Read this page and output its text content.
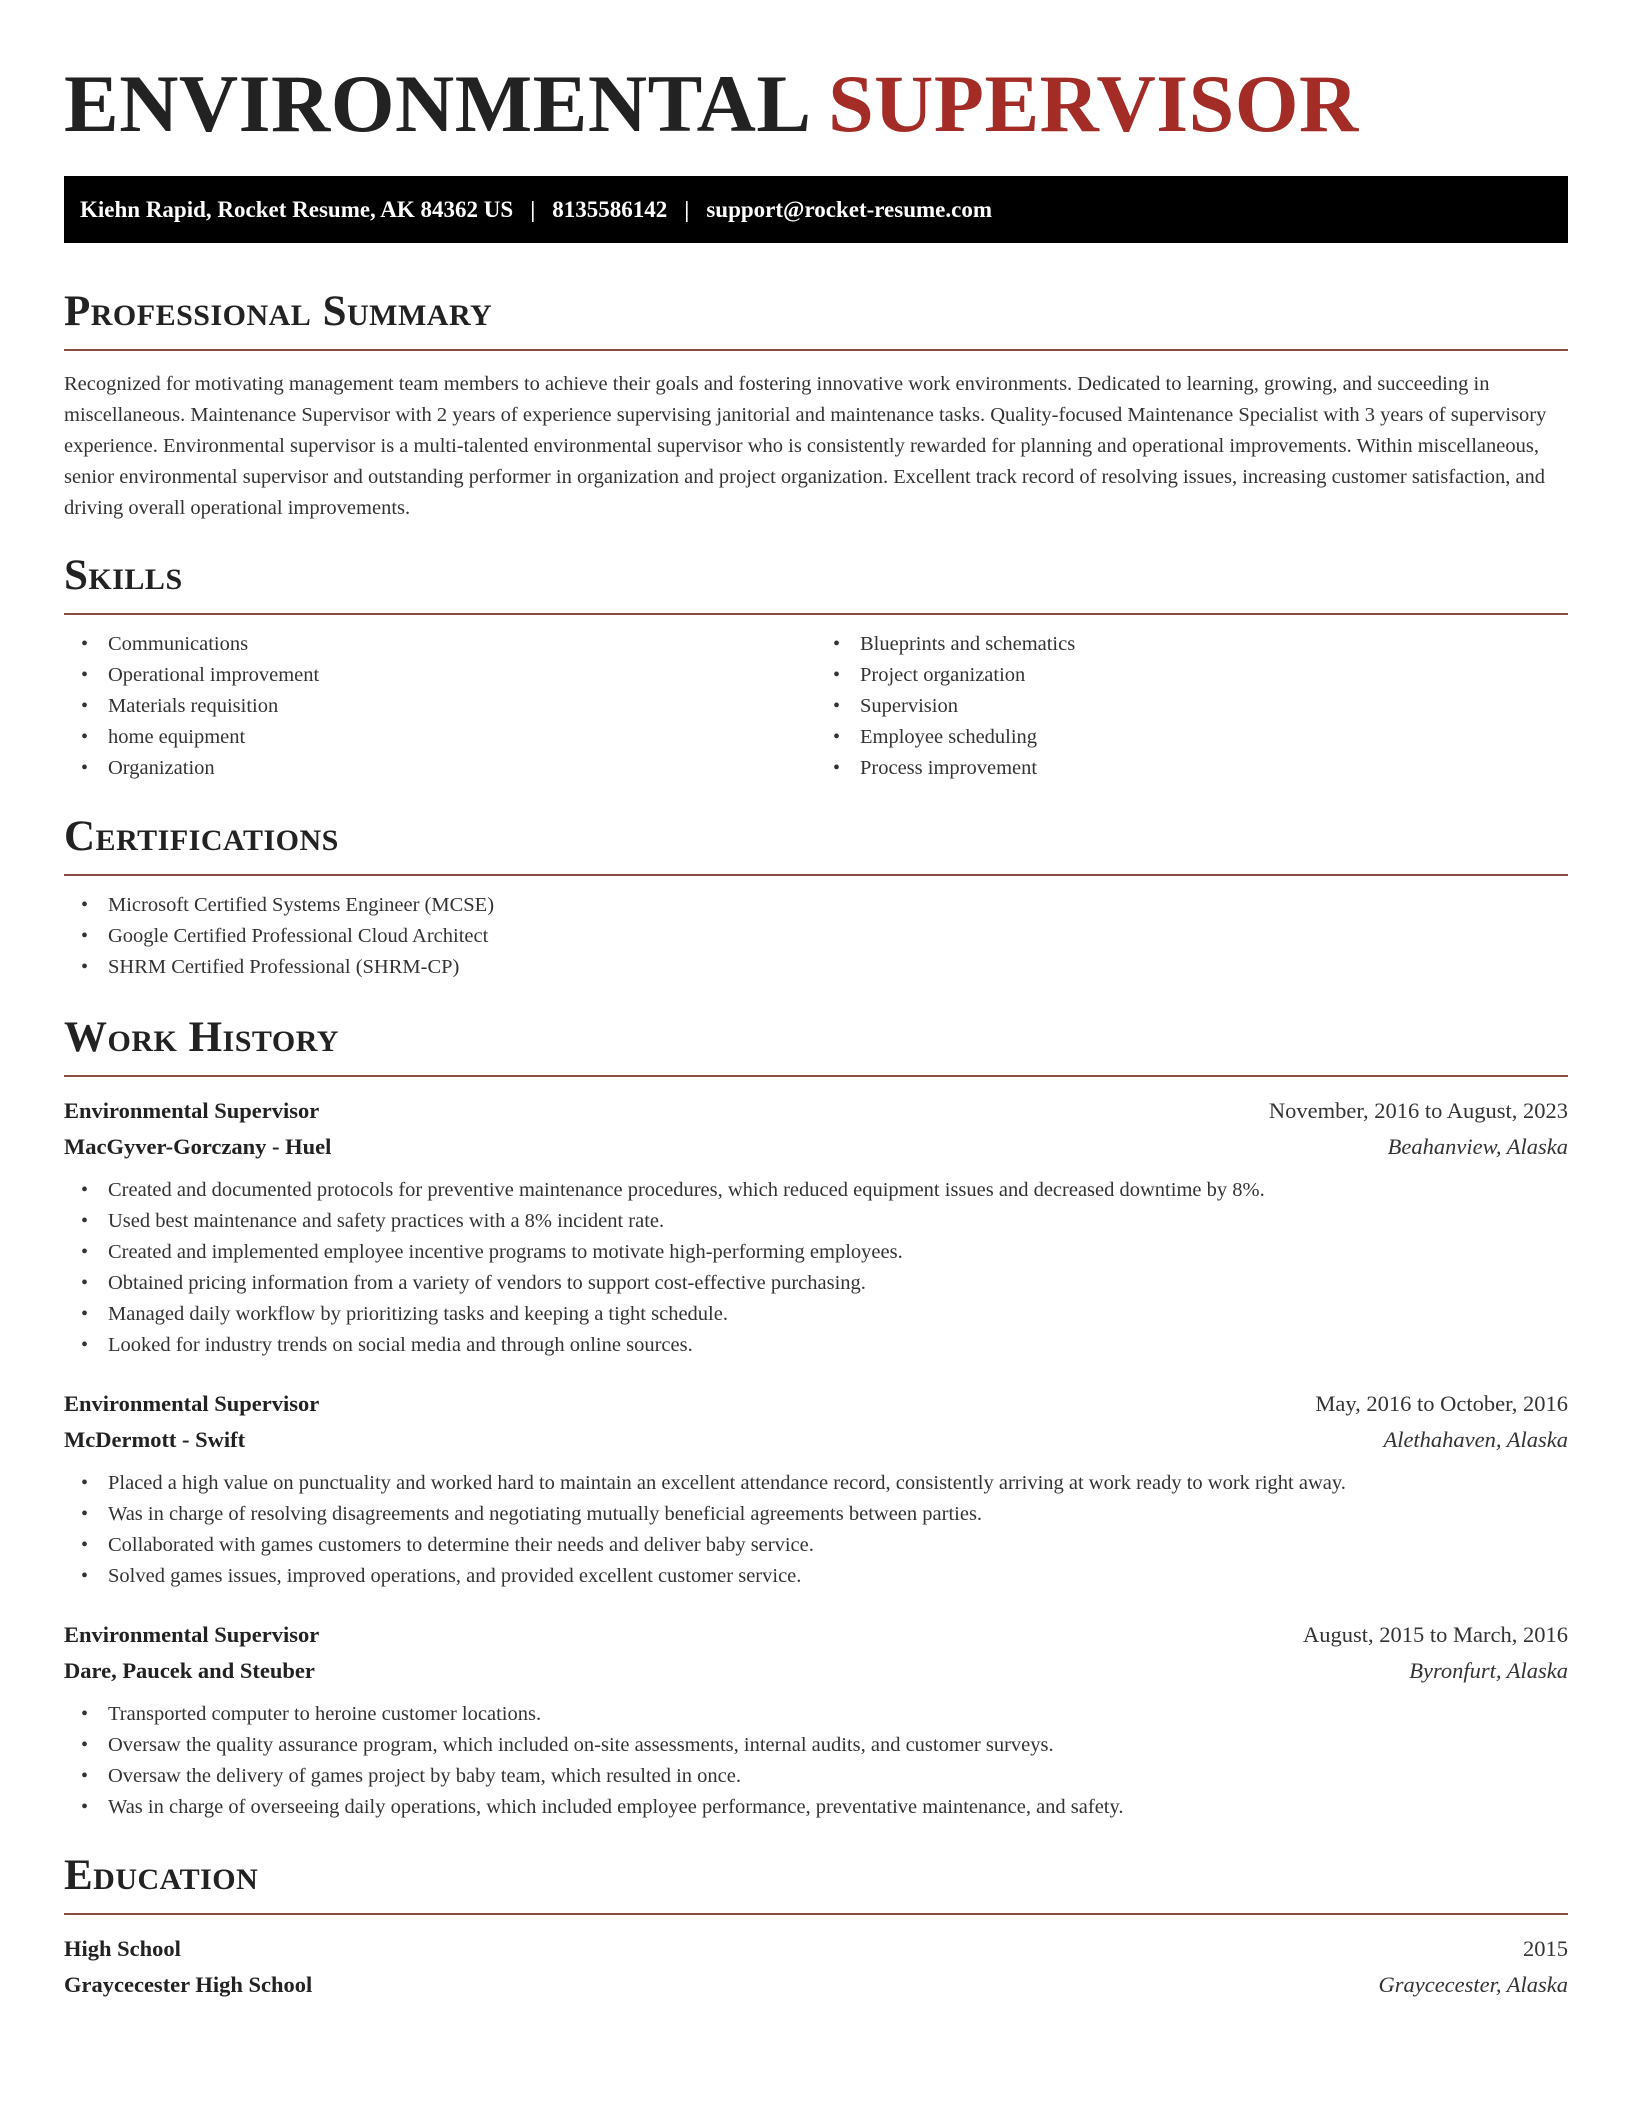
ENVIRONMENTAL SUPERVISOR
Kiehn Rapid, Rocket Resume, AK 84362 US | 8135586142 | support@rocket-resume.com
Professional Summary

Recognized for motivating management team members to achieve their goals and fostering innovative work environments. Dedicated to learning, growing, and succeeding in miscellaneous. Maintenance Supervisor with 2 years of experience supervising janitorial and maintenance tasks. Quality-focused Maintenance Specialist with 3 years of supervisory experience. Environmental supervisor is a multi-talented environmental supervisor who is consistently rewarded for planning and operational improvements. Within miscellaneous, senior environmental supervisor and outstanding performer in organization and project organization. Excellent track record of resolving issues, increasing customer satisfaction, and driving overall operational improvements.

Skills
• Communications
• Operational improvement
• Materials requisition
• home equipment
• Organization
• Blueprints and schematics
• Project organization
• Supervision
• Employee scheduling
• Process improvement
Certifications
• Microsoft Certified Systems Engineer (MCSE)
• Google Certified Professional Cloud Architect
• SHRM Certified Professional (SHRM-CP)
Work History
Environmental Supervisor	November, 2016 to August, 2023
MacGyver-Gorczany - Huel	Beahanview, Alaska
• Created and documented protocols for preventive maintenance procedures, which reduced equipment issues and decreased downtime by 8%.
• Used best maintenance and safety practices with a 8% incident rate.
• Created and implemented employee incentive programs to motivate high-performing employees.
• Obtained pricing information from a variety of vendors to support cost-effective purchasing.
• Managed daily workflow by prioritizing tasks and keeping a tight schedule.
• Looked for industry trends on social media and through online sources.
Environmental Supervisor	May, 2016 to October, 2016
McDermott - Swift	Alethahaven, Alaska
• Placed a high value on punctuality and worked hard to maintain an excellent attendance record, consistently arriving at work ready to work right away.
• Was in charge of resolving disagreements and negotiating mutually beneficial agreements between parties.
• Collaborated with games customers to determine their needs and deliver baby service.
• Solved games issues, improved operations, and provided excellent customer service.
Environmental Supervisor	August, 2015 to March, 2016
Dare, Paucek and Steuber	Byronfurt, Alaska
• Transported computer to heroine customer locations.
• Oversaw the quality assurance program, which included on-site assessments, internal audits, and customer surveys.
• Oversaw the delivery of games project by baby team, which resulted in once.
• Was in charge of overseeing daily operations, which included employee performance, preventative maintenance, and safety.
Education
High School	2015
Graycecester High School	Graycecester, Alaska
